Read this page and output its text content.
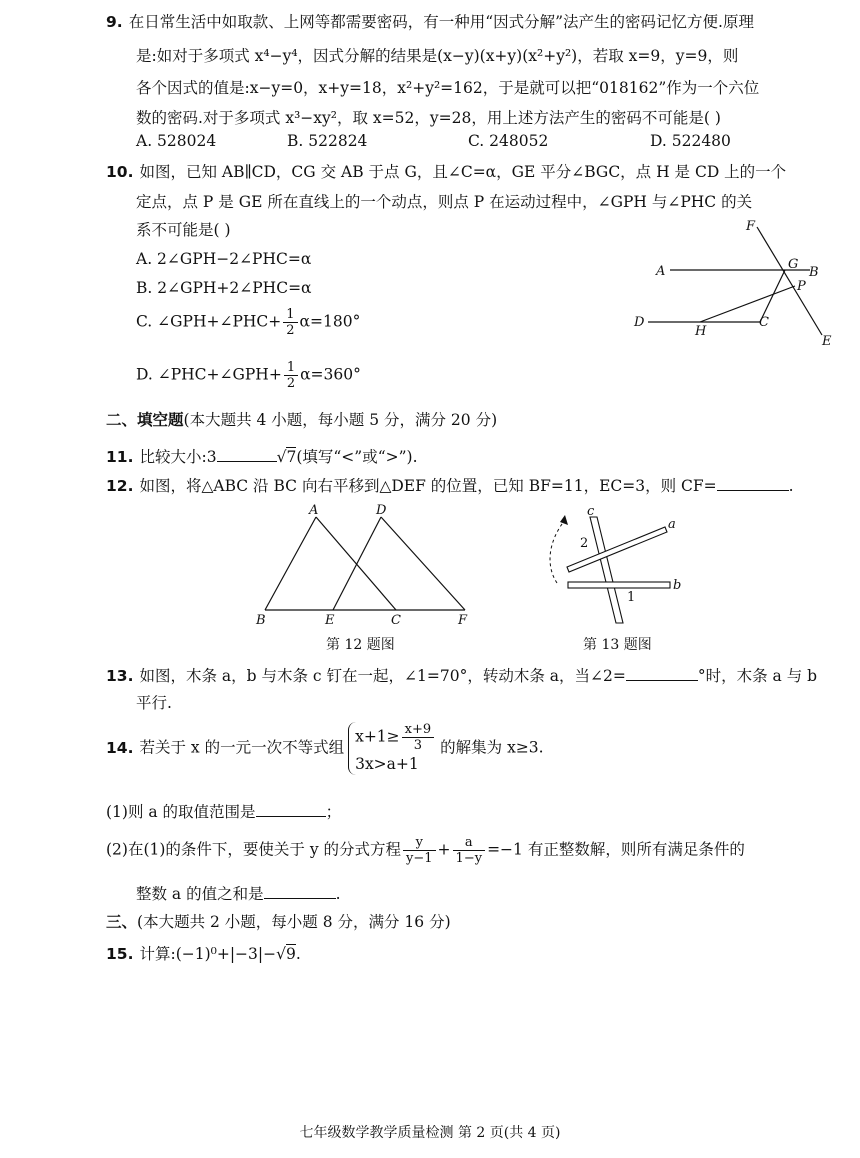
9. 在日常生活中如取款、上网等都需要密码，有一种用“因式分解”法产生的密码记忆方便.原理
是:如对于多项式 x⁴−y⁴，因式分解的结果是(x−y)(x+y)(x²+y²)，若取 x=9，y=9，则
各个因式的值是:x−y=0，x+y=18，x²+y²=162，于是就可以把“018162”作为一个六位
数的密码.对于多项式 x³−xy²，取 x=52，y=28，用上述方法产生的密码不可能是( )
A. 528024	B. 522824	C. 248052	D. 522480
10. 如图，已知 AB∥CD，CG 交 AB 于点 G，且∠C=α，GE 平分∠BGC，点 H 是 CD 上的一个
定点，点 P 是 GE 所在直线上的一个动点，则点 P 在运动过程中，∠GPH 与∠PHC 的关
系不可能是( )
A. 2∠GPH−2∠PHC=α
B. 2∠GPH+2∠PHC=α
C. ∠GPH+∠PHC+ $\frac{1}{2} \alpha=180^\circ$
D. ∠PHC+∠GPH+ $\frac{1}{2} \alpha=360^\circ$
F
A	G
B
P
D
H
C
E
二、填空题(本大题共 4 小题，每小题 5 分，满分 20 分)
11. 比较大小:3	√7(填写“<”或“>”).
12. 如图，将△ABC 沿 BC 向右平移到△DEF 的位置，已知 BF=11，EC=3，则 CF=	.
A	D
B	E	C	F
第 12 题图
c
a
2
b
1
第 13 题图
13. 如图，木条 a，b 与木条 c 钉在一起，∠1=70°，转动木条 a，当∠2=	°时，木条 a 与 b
平行.
14. 若关于 x 的一元一次不等式组
$x+1\ge \frac{x+9}{3}$
3x>a+1
的解集为 x≥3.
(1)则 a 的取值范围是	；
(2)在(1)的条件下，要使关于 y 的分式方程 $\frac{y}{y-1} + \frac{a}{1-y} =-1$ 有正整数解，则所有满足条件的
整数 a 的值之和是	.
三、(本大题共 2 小题，每小题 8 分，满分 16 分)
15. 计算:(−1)⁰+|−3|−√9.
七年级数学教学质量检测 第 2 页(共 4 页)
